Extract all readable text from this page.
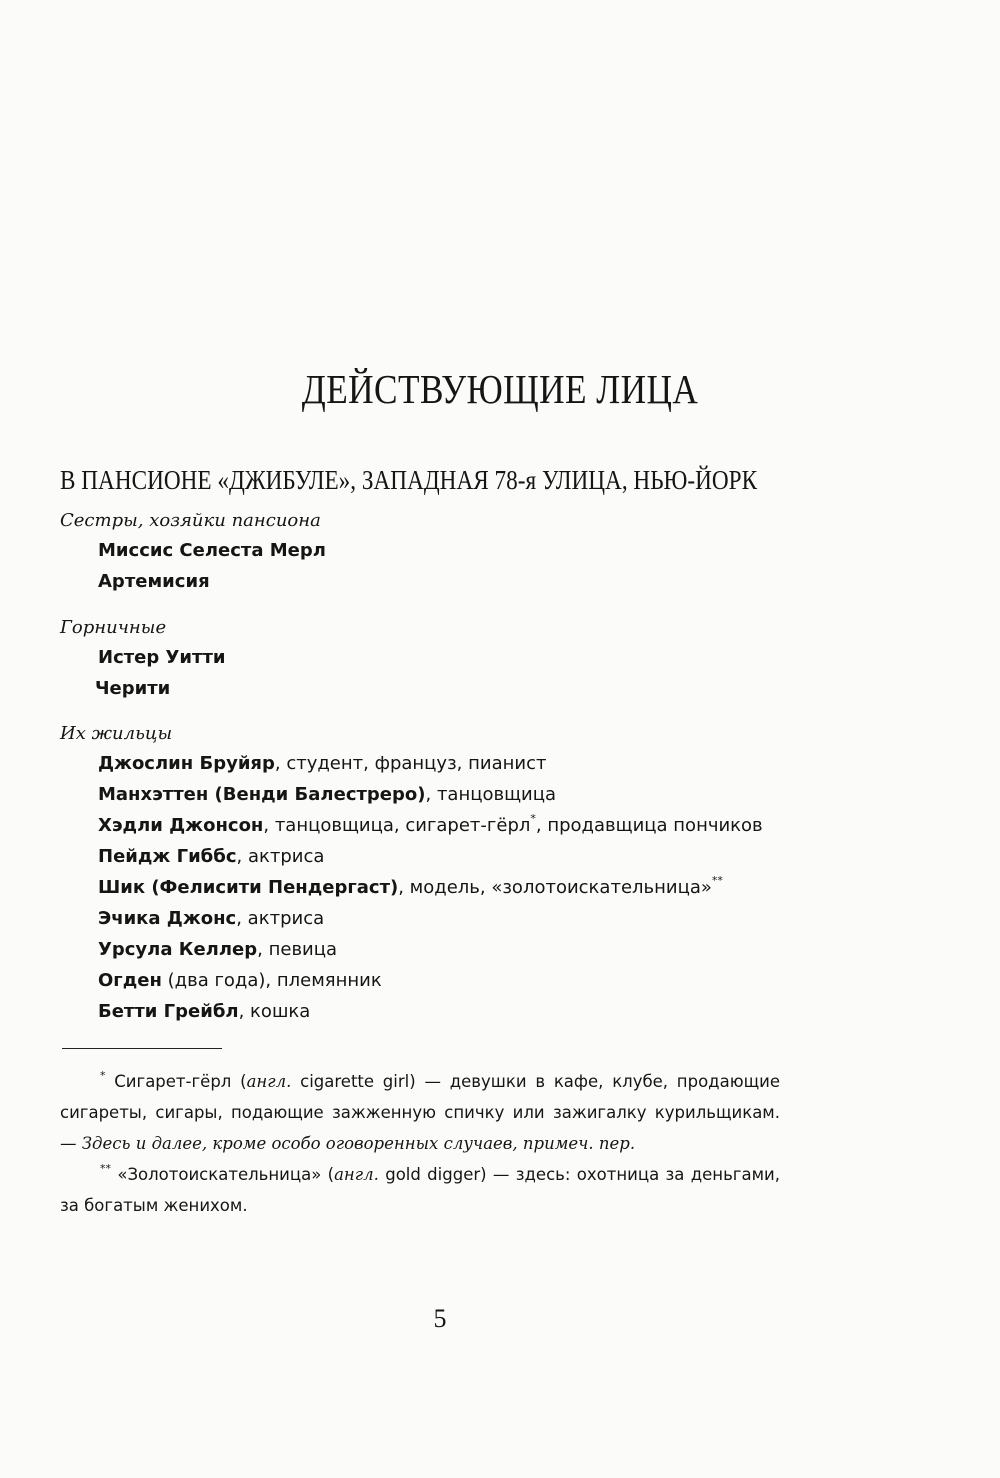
ДЕЙСТВУЮЩИЕ ЛИЦА
В ПАНСИОНЕ «ДЖИБУЛЕ», ЗАПАДНАЯ 78-я УЛИЦА, НЬЮ-ЙОРК
Сестры, хозяйки пансиона
Миссис Селеста Мерл
Артемисия
Горничные
Истер Уитти
Черити
Их жильцы
Джослин Бруйяр, студент, француз, пианист
Манхэттен (Венди Балестреро), танцовщица
Хэдли Джонсон, танцовщица, сигарет-гёрл*, продавщица пончиков
Пейдж Гиббс, актриса
Шик (Фелисити Пендергаст), модель, «золотоискательница»**
Эчика Джонс, актриса
Урсула Келлер, певица
Огден (два года), племянник
Бетти Грейбл, кошка
* Сигарет-гёрл (англ. cigarette girl) — девушки в кафе, клубе, продающие сигареты, сигары, подающие зажженную спичку или зажигалку курильщикам. — Здесь и далее, кроме особо оговоренных случаев, примеч. пер.
** «Золотоискательница» (англ. gold digger) — здесь: охотница за деньгами, за богатым женихом.
5
